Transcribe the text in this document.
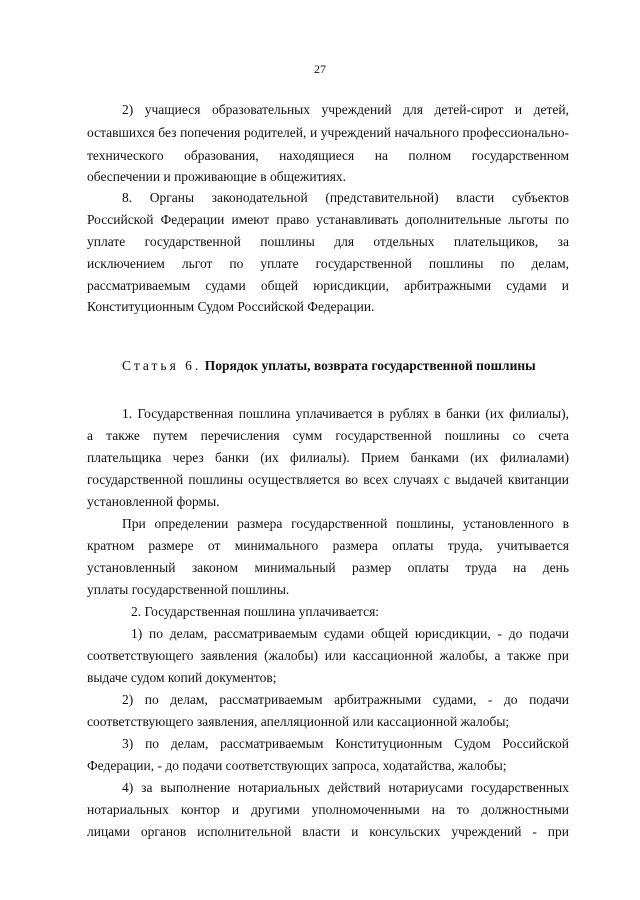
27
2) учащиеся образовательных учреждений для детей-сирот и детей,
оставшихся без попечения родителей, и учреждений начального профессионально-
технического образования, находящиеся на полном государственном
обеспечении и проживающие в общежитиях.
8. Органы законодательной (представительной) власти субъектов
Российской Федерации имеют право устанавливать дополнительные льготы по
уплате государственной пошлины для отдельных плательщиков, за
исключением льгот по уплате государственной пошлины по делам,
рассматриваемым судами общей юрисдикции, арбитражными судами и
Конституционным Судом Российской Федерации.
Статья 6. Порядок уплаты, возврата государственной пошлины
1. Государственная пошлина уплачивается в рублях в банки (их филиалы),
а также путем перечисления сумм государственной пошлины со счета
плательщика через банки (их филиалы). Прием банками (их филиалами)
государственной пошлины осуществляется во всех случаях с выдачей квитанции
установленной формы.
При определении размера государственной пошлины, установленного в
кратном размере от минимального размера оплаты труда, учитывается
установленный законом минимальный размер оплаты труда на день
уплаты государственной пошлины.
2. Государственная пошлина уплачивается:
1) по делам, рассматриваемым судами общей юрисдикции, - до подачи
соответствующего заявления (жалобы) или кассационной жалобы, а также при
выдаче судом копий документов;
2) по делам, рассматриваемым арбитражными судами, - до подачи
соответствующего заявления, апелляционной или кассационной жалобы;
3) по делам, рассматриваемым Конституционным Судом Российской
Федерации, - до подачи соответствующих запроса, ходатайства, жалобы;
4) за выполнение нотариальных действий нотариусами государственных
нотариальных контор и другими уполномоченными на то должностными
лицами органов исполнительной власти и консульских учреждений - при
